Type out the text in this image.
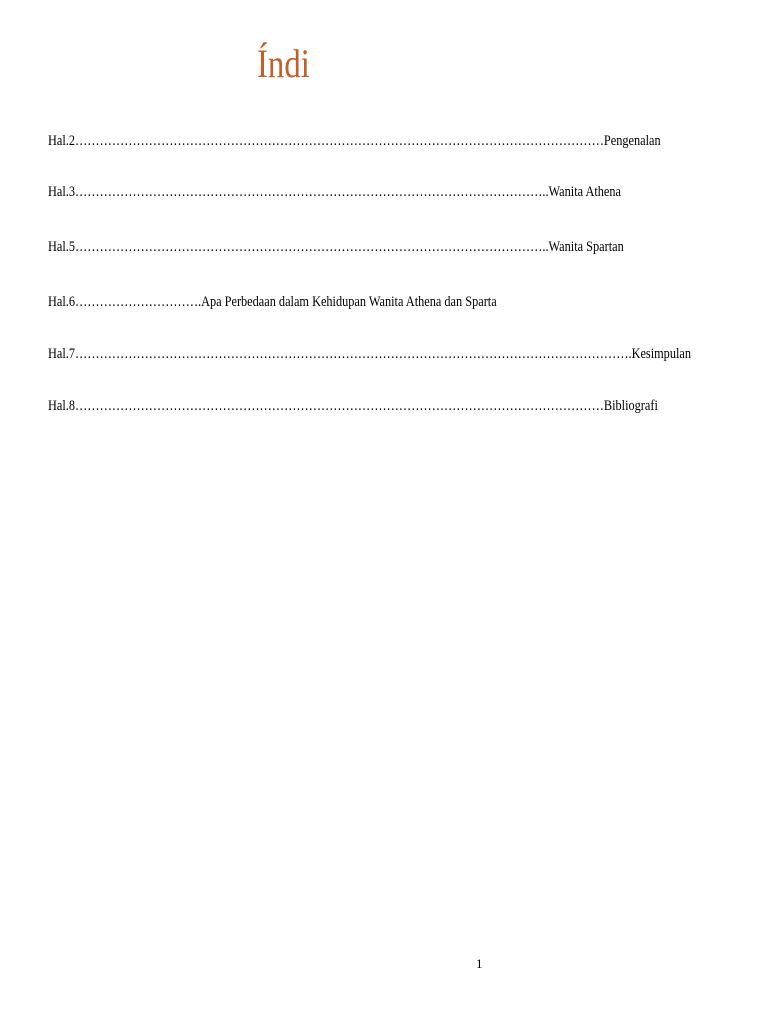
Índi
Hal.2…………………………………………………………………………………………………………………Pengenalan
Hal.3……………………………………………………………………………………………………..Wanita Athena
Hal.5……………………………………………………………………………………………………..Wanita Spartan
Hal.6………………………….Apa Perbedaan dalam Kehidupan Wanita Athena dan Sparta
Hal.7……………………………………………………………………………………………………………………….Kesimpulan
Hal.8…………………………………………………………………………………………………………………Bibliografi
1
